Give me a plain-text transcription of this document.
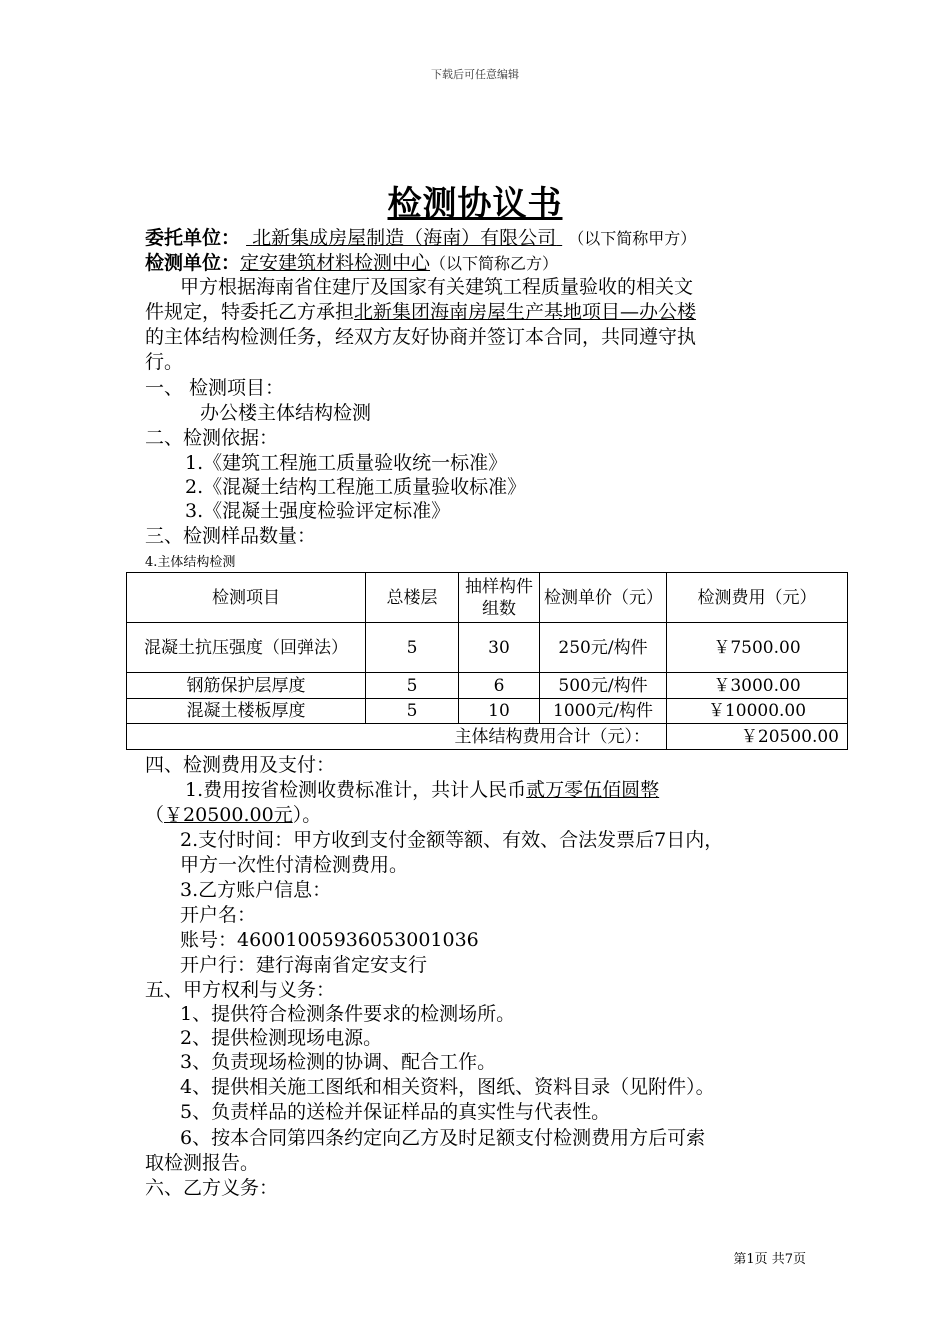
下载后可任意编辑
检测协议书
委托单位： 北新集成房屋制造（海南）有限公司 （以下简称甲方）
检测单位：定安建筑材料检测中心（以下简称乙方）
甲方根据海南省住建厅及国家有关建筑工程质量验收的相关文
件规定，特委托乙方承担北新集团海南房屋生产基地项目—办公楼
的主体结构检测任务，经双方友好协商并签订本合同，共同遵守执
行。
一、 检测项目：
办公楼主体结构检测
二、检测依据：
1.《建筑工程施工质量验收统一标准》
2.《混凝土结构工程施工质量验收标准》
3.《混凝土强度检验评定标准》
三、检测样品数量：
4.主体结构检测
检测项目	总楼层	抽样构件组数	检测单价（元）	检测费用（元）
混凝土抗压强度（回弹法）	5	30	250元/构件	￥7500.00
钢筋保护层厚度	5	6	500元/构件	￥3000.00
混凝土楼板厚度	5	10	1000元/构件	￥10000.00
主体结构费用合计（元）：				￥20500.00
四、检测费用及支付：
1.费用按省检测收费标准计，共计人民币贰万零伍佰圆整
（￥20500.00元）。
2.支付时间：甲方收到支付金额等额、有效、合法发票后7日内，
甲方一次性付清检测费用。
3.乙方账户信息：
开户名：
账号：46001005936053001036
开户行：建行海南省定安支行
五、甲方权利与义务：
1、提供符合检测条件要求的检测场所。
2、提供检测现场电源。
3、负责现场检测的协调、配合工作。
4、提供相关施工图纸和相关资料，图纸、资料目录（见附件）。
5、负责样品的送检并保证样品的真实性与代表性。
6、按本合同第四条约定向乙方及时足额支付检测费用方后可索
取检测报告。
六、乙方义务：
第1页 共7页
